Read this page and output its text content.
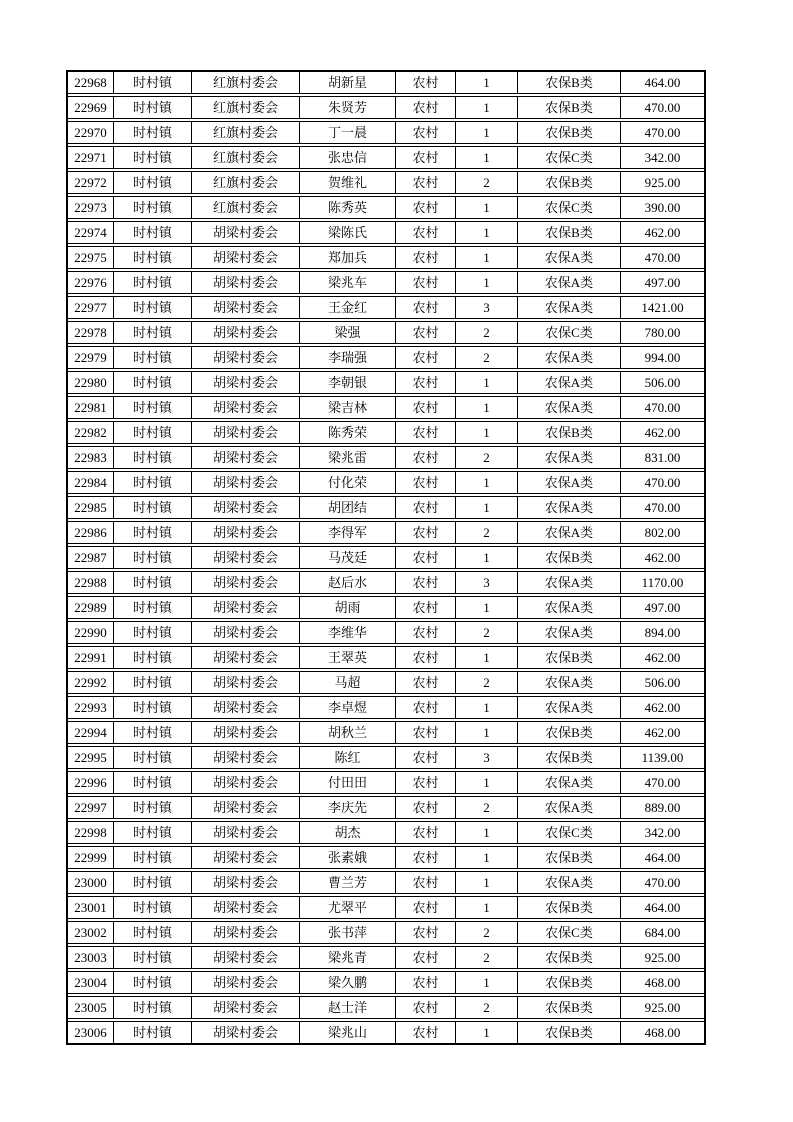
22968	时村镇	红旗村委会	胡新星	农村	1	农保B类	464.00
22969	时村镇	红旗村委会	朱贤芳	农村	1	农保B类	470.00
22970	时村镇	红旗村委会	丁一晨	农村	1	农保B类	470.00
22971	时村镇	红旗村委会	张忠信	农村	1	农保C类	342.00
22972	时村镇	红旗村委会	贺维礼	农村	2	农保B类	925.00
22973	时村镇	红旗村委会	陈秀英	农村	1	农保C类	390.00
22974	时村镇	胡梁村委会	梁陈氏	农村	1	农保B类	462.00
22975	时村镇	胡梁村委会	郑加兵	农村	1	农保A类	470.00
22976	时村镇	胡梁村委会	梁兆车	农村	1	农保A类	497.00
22977	时村镇	胡梁村委会	王金红	农村	3	农保A类	1421.00
22978	时村镇	胡梁村委会	梁强	农村	2	农保C类	780.00
22979	时村镇	胡梁村委会	李瑞强	农村	2	农保A类	994.00
22980	时村镇	胡梁村委会	李朝银	农村	1	农保A类	506.00
22981	时村镇	胡梁村委会	梁吉林	农村	1	农保A类	470.00
22982	时村镇	胡梁村委会	陈秀荣	农村	1	农保B类	462.00
22983	时村镇	胡梁村委会	梁兆雷	农村	2	农保A类	831.00
22984	时村镇	胡梁村委会	付化荣	农村	1	农保A类	470.00
22985	时村镇	胡梁村委会	胡团结	农村	1	农保A类	470.00
22986	时村镇	胡梁村委会	李得军	农村	2	农保A类	802.00
22987	时村镇	胡梁村委会	马茂廷	农村	1	农保B类	462.00
22988	时村镇	胡梁村委会	赵后水	农村	3	农保A类	1170.00
22989	时村镇	胡梁村委会	胡雨	农村	1	农保A类	497.00
22990	时村镇	胡梁村委会	李维华	农村	2	农保A类	894.00
22991	时村镇	胡梁村委会	王翠英	农村	1	农保B类	462.00
22992	时村镇	胡梁村委会	马超	农村	2	农保A类	506.00
22993	时村镇	胡梁村委会	李卓煜	农村	1	农保A类	462.00
22994	时村镇	胡梁村委会	胡秋兰	农村	1	农保B类	462.00
22995	时村镇	胡梁村委会	陈红	农村	3	农保B类	1139.00
22996	时村镇	胡梁村委会	付田田	农村	1	农保A类	470.00
22997	时村镇	胡梁村委会	李庆先	农村	2	农保A类	889.00
22998	时村镇	胡梁村委会	胡杰	农村	1	农保C类	342.00
22999	时村镇	胡梁村委会	张素娥	农村	1	农保B类	464.00
23000	时村镇	胡梁村委会	曹兰芳	农村	1	农保A类	470.00
23001	时村镇	胡梁村委会	尤翠平	农村	1	农保B类	464.00
23002	时村镇	胡梁村委会	张书萍	农村	2	农保C类	684.00
23003	时村镇	胡梁村委会	梁兆青	农村	2	农保B类	925.00
23004	时村镇	胡梁村委会	梁久鹏	农村	1	农保B类	468.00
23005	时村镇	胡梁村委会	赵士洋	农村	2	农保B类	925.00
23006	时村镇	胡梁村委会	梁兆山	农村	1	农保B类	468.00
